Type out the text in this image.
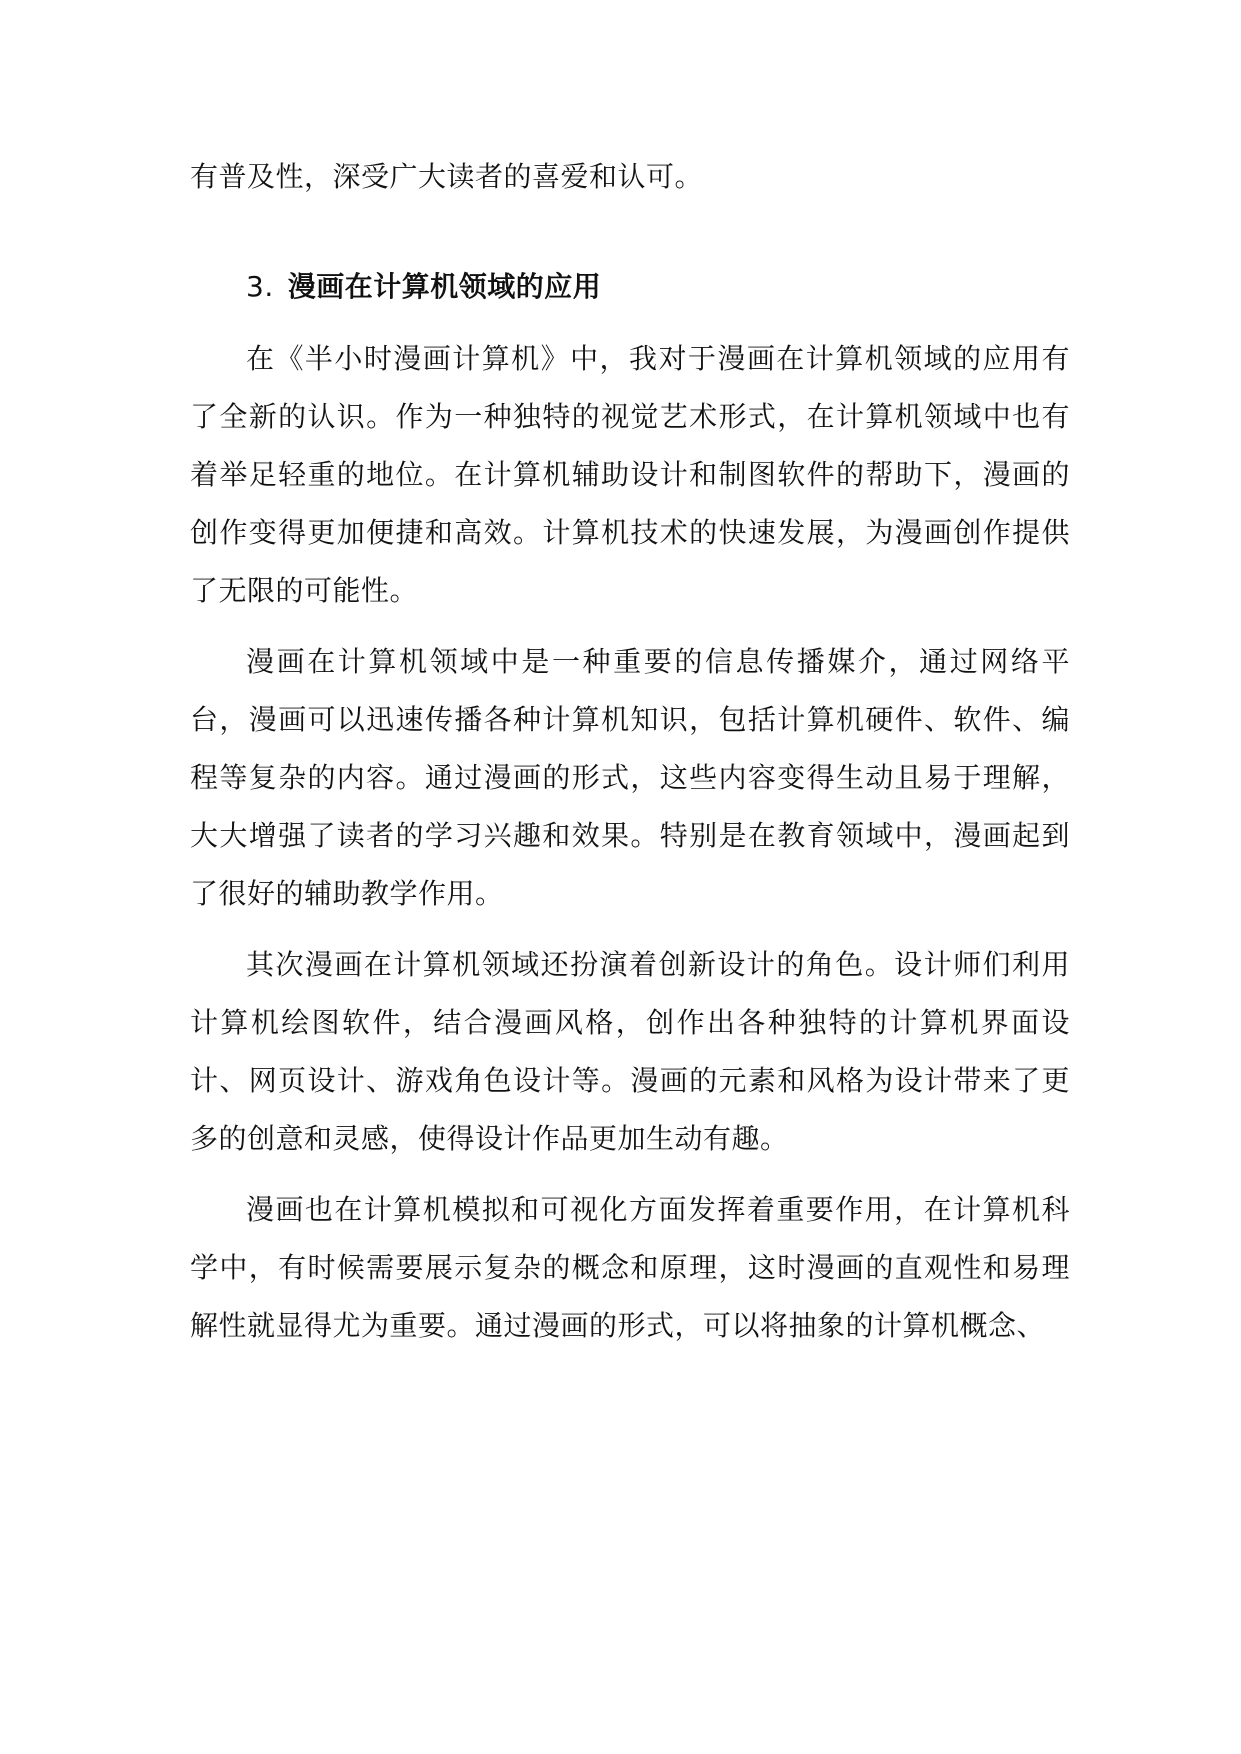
有普及性，深受广大读者的喜爱和认可。

3. 漫画在计算机领域的应用

在《半小时漫画计算机》中，我对于漫画在计算机领域的应用有了全新的认识。作为一种独特的视觉艺术形式，在计算机领域中也有着举足轻重的地位。在计算机辅助设计和制图软件的帮助下，漫画的创作变得更加便捷和高效。计算机技术的快速发展，为漫画创作提供了无限的可能性。

漫画在计算机领域中是一种重要的信息传播媒介，通过网络平台，漫画可以迅速传播各种计算机知识，包括计算机硬件、软件、编程等复杂的内容。通过漫画的形式，这些内容变得生动且易于理解，大大增强了读者的学习兴趣和效果。特别是在教育领域中，漫画起到了很好的辅助教学作用。

其次漫画在计算机领域还扮演着创新设计的角色。设计师们利用计算机绘图软件，结合漫画风格，创作出各种独特的计算机界面设计、网页设计、游戏角色设计等。漫画的元素和风格为设计带来了更多的创意和灵感，使得设计作品更加生动有趣。

漫画也在计算机模拟和可视化方面发挥着重要作用，在计算机科学中，有时候需要展示复杂的概念和原理，这时漫画的直观性和易理解性就显得尤为重要。通过漫画的形式，可以将抽象的计算机概念、
